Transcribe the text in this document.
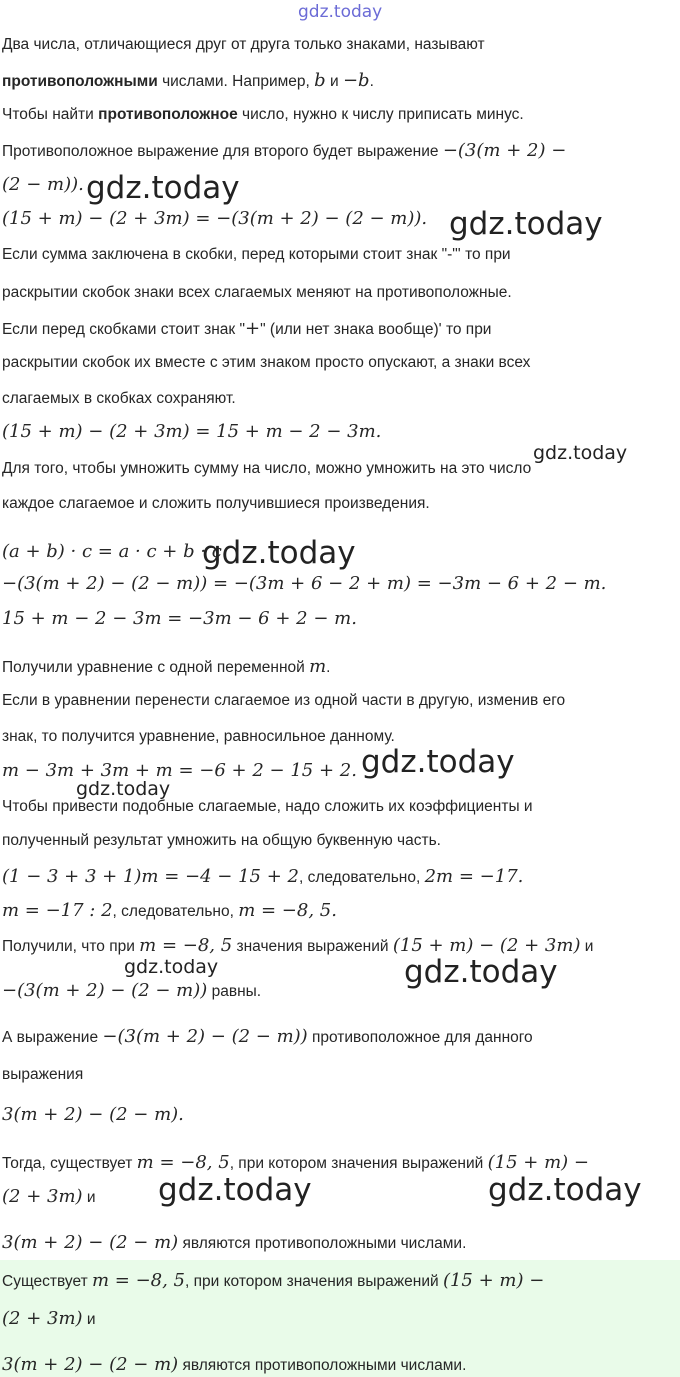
gdz.today
Два числа, отличающиеся друг от друга только знаками, называют
противоположными числами. Например, b и −b.
Чтобы найти противоположное число, нужно к числу приписать минус.
Противоположное выражение для второго будет выражение −(3(m + 2) −
(2 − m)). gdz.today
(15 + m) − (2 + 3m) = −(3(m + 2) − (2 − m)). gdz.today
Если сумма заключена в скобки, перед которыми стоит знак "-"' то при
раскрытии скобок знаки всех слагаемых меняют на противоположные.
Если перед скобками стоит знак "+" (или нет знака вообще)' то при
раскрытии скобок их вместе с этим знаком просто опускают, а знаки всех
слагаемых в скобках сохраняют.
(15 + m) − (2 + 3m) = 15 + m − 2 − 3m.
gdz.today
Для того, чтобы умножить сумму на число, можно умножить на это число
каждое слагаемое и сложить получившиеся произведения.
(a + b) · c = a · c + b · c.
gdz.today
−(3(m + 2) − (2 − m)) = −(3m + 6 − 2 + m) = −3m − 6 + 2 − m.
15 + m − 2 − 3m = −3m − 6 + 2 − m.
Получили уравнение с одной переменной m.
Если в уравнении перенести слагаемое из одной части в другую, изменив его
знак, то получится уравнение, равносильное данному.
m − 3m + 3m + m = −6 + 2 − 15 + 2. gdz.today
gdz.today
Чтобы привести подобные слагаемые, надо сложить их коэффициенты и
полученный результат умножить на общую буквенную часть.
(1 − 3 + 3 + 1)m = −4 − 15 + 2, следовательно, 2m = −17.
m = −17 : 2, следовательно, m = −8, 5.
Получили, что при m = −8, 5 значения выражений (15 + m) − (2 + 3m) и
gdz.today	gdz.today
−(3(m + 2) − (2 − m)) равны.
А выражение −(3(m + 2) − (2 − m)) противоположное для данного
выражения
3(m + 2) − (2 − m).
Тогда, существует m = −8, 5, при котором значения выражений (15 + m) −
(2 + 3m) и gdz.today	gdz.today
3(m + 2) − (2 − m) являются противоположными числами.
Существует m = −8, 5, при котором значения выражений (15 + m) −
(2 + 3m) и
3(m + 2) − (2 − m) являются противоположными числами.
